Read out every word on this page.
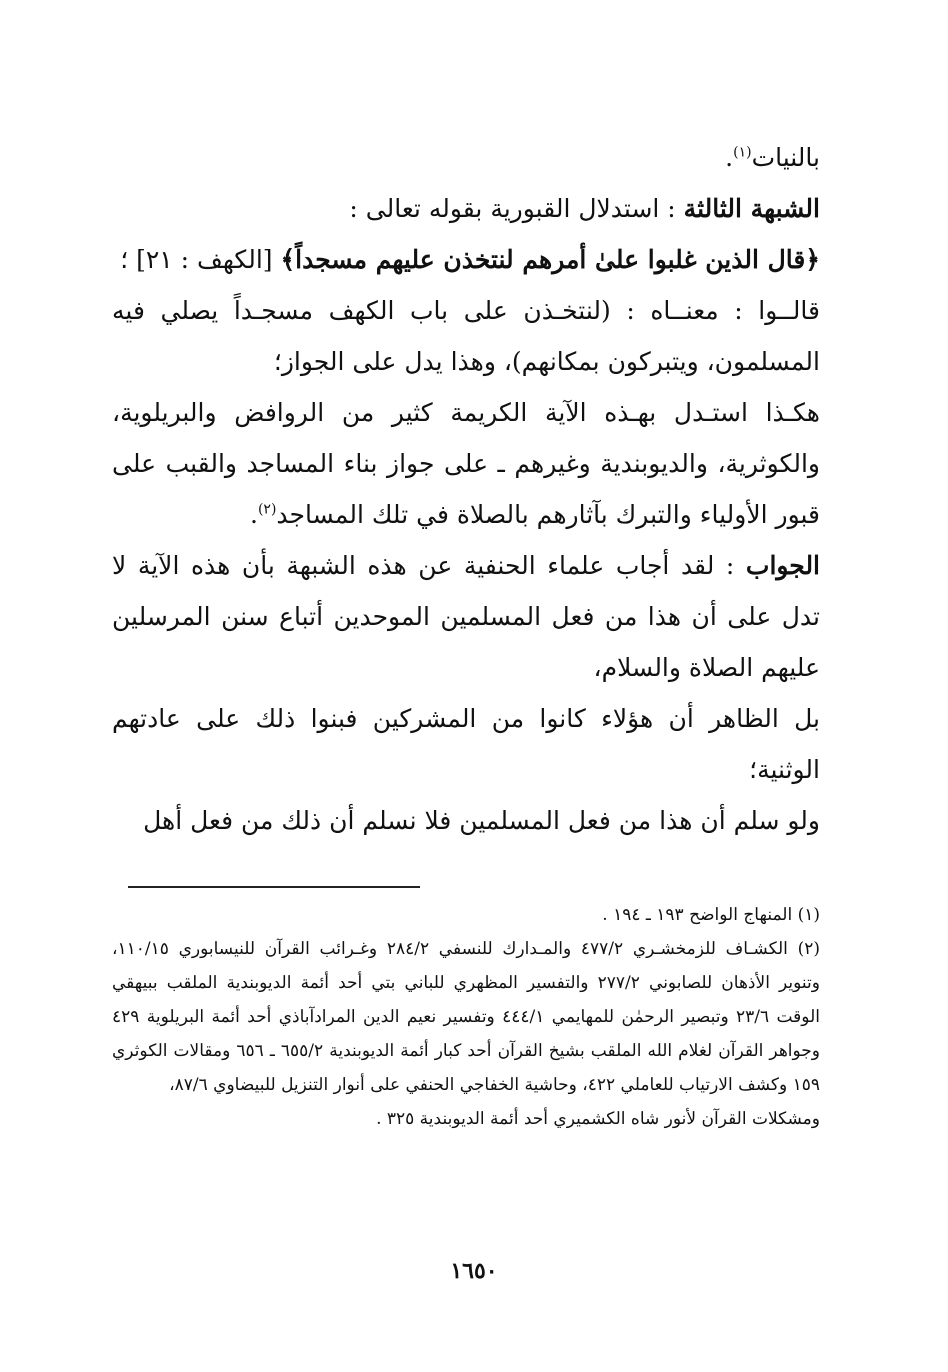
بالنيات$^{(١)}$.

الشبهة الثالثة : استدلال القبورية بقوله تعالى :

﴿قال الذين غلبوا علىٰ أمرهم لنتخذن عليهم مسجداً﴾ [الكهف : ٢١] ؛

قالــوا : معنــاه : (لنتخـذن على باب الكهف مسجـداً يصلي فيه المسلمون، ويتبركون بمكانهم)، وهذا يدل على الجواز؛

هكـذا استـدل بهـذه الآية الكريمة كثير من الروافض والبريلوية، والكوثرية، والديوبندية وغيرهم ـ على جواز بناء المساجد والقبب على قبور الأولياء والتبرك بآثارهم بالصلاة في تلك المساجد$^{(٢)}$.

الجواب : لقد أجاب علماء الحنفية عن هذه الشبهة بأن هذه الآية لا تدل على أن هذا من فعل المسلمين الموحدين أتباع سنن المرسلين عليهم الصلاة والسلام،

بل الظاهر أن هؤلاء كانوا من المشركين فبنوا ذلك على عادتهم الوثنية؛

ولو سلم أن هذا من فعل المسلمين فلا نسلم أن ذلك من فعل أهل

(١) المنهاج الواضح ١٩٣ ـ ١٩٤ .

(٢) الكشـاف للزمخشـري ٤٧٧/٢ والمـدارك للنسفي ٢٨٤/٢ وغـرائب القرآن للنيسابوري ١١٠/١٥، وتنوير الأذهان للصابوني ٢٧٧/٢ والتفسير المظهري للباني بتي أحد أئمة الديوبندية الملقب ببيهقي الوقت ٢٣/٦ وتبصير الرحمٰن للمهايمي ٤٤٤/١ وتفسير نعيم الدين المرادآباذي أحد أئمة البريلوية ٤٢٩ وجواهر القرآن لغلام الله الملقب بشيخ القرآن أحد كبار أئمة الديوبندية ٦٥٥/٢ ـ ٦٥٦ ومقالات الكوثري ١٥٩ وكشف الارتياب للعاملي ٤٢٢، وحاشية الخفاجي الحنفي على أنوار التنزيل للبيضاوي ٨٧/٦،

ومشكلات القرآن لأنور شاه الكشميري أحد أئمة الديوبندية ٣٢٥ .

١٦٥٠
